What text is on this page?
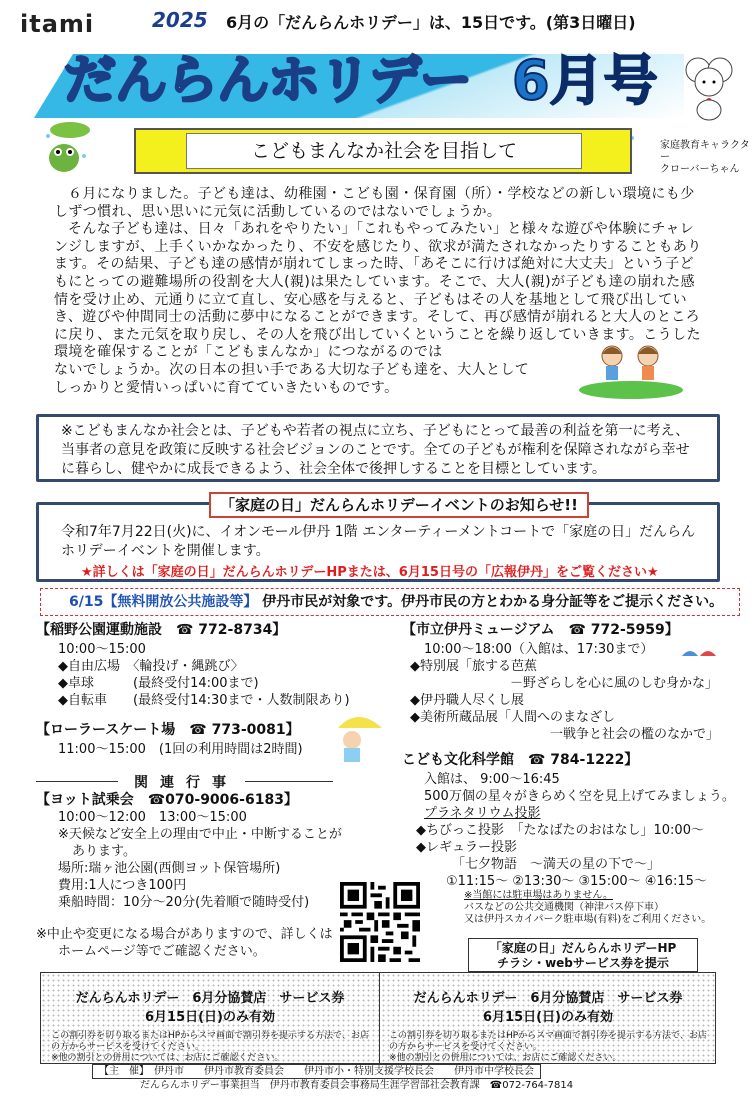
itami	2025 6月の「だんらんホリデー」は、15日です。(第3日曜日)
だんらんホリデー 6月号
家庭教育キャラクター
クローバーちゃん
こどもまんなか社会を目指して

６月になりました。子ども達は、幼稚園・こども園・保育園（所）・学校などの新しい環境にも少しずつ慣れ、思い思いに元気に活動しているのではないでしょうか。

そんな子ども達は、日々「あれをやりたい」「これもやってみたい」と様々な遊びや体験にチャレンジしますが、上手くいかなかったり、不安を感じたり、欲求が満たされなかったりすることもあります。その結果、子ども達の感情が崩れてしまった時、「あそこに行けば絶対に大丈夫」という子どもにとっての避難場所の役割を大人(親)は果たしています。そこで、大人(親)が子ども達の崩れた感情を受け止め、元通りに立て直し、安心感を与えると、子どもはその人を基地として飛び出していき、遊びや仲間同士の活動に夢中になることができます。そして、再び感情が崩れると大人のところに戻り、また元気を取り戻し、その人を飛び出していくということを繰り返していきます。こうした環境を確保することが「こどもまんなか」につながるのでは

ないでしょうか。次の日本の担い手である大切な子ども達を、大人として

しっかりと愛情いっぱいに育てていきたいものです。

※こどもまんなか社会とは、子どもや若者の視点に立ち、子どもにとって最善の利益を第一に考え、当事者の意見を政策に反映する社会ビジョンのことです。全ての子どもが権利を保障されながら幸せに暮らし、健やかに成長できるよう、社会全体で後押しすることを目標としています。
「家庭の日」だんらんホリデーイベントのお知らせ!!
令和7年7月22日(火)に、イオンモール伊丹 1階 エンターティーメントコートで「家庭の日」だんらんホリデーイベントを開催します。
★詳しくは「家庭の日」だんらんホリデーHPまたは、6月15日号の「広報伊丹」をご覧ください★
6/15【無料開放公共施設等】 伊丹市民が対象です。伊丹市民の方とわかる身分証等をご提示ください。
【稲野公園運動施設　☎ 772-8734】
10:00〜15:00
◆自由広場　〈輪投げ・縄跳び〉
◆卓球　　　(最終受付14:00まで)
◆自転車　　(最終受付14:30まで・人数制限あり)
【ローラースケート場　☎ 773-0081】
11:00〜15:00　(1回の利用時間は2時間)
関連行事
【ヨット試乗会　☎070-9006-6183】
10:00〜12:00　13:00〜15:00
※天候など安全上の理由で中止・中断することが
あります。
場所:瑞ヶ池公園(西側ヨット保管場所)
費用:1人につき100円
乗船時間：10分〜20分(先着順で随時受付)
※中止や変更になる場合がありますので、詳しくは
ホームページ等でご確認ください。
【市立伊丹ミュージアム　☎ 772-5959】
10:00〜18:00（入館は、17:30まで）
◆特別展「旅する芭蕉
－野ざらしを心に風のしむ身かな」
◆伊丹職人尽くし展
◆美術所蔵品展「人間へのまなざし
一戦争と社会の檻のなかで」
こども文化科学館　☎ 784-1222】
入館は、 9:00〜16:45
500万個の星々がきらめく空を見上げてみましょう。
プラネタリウム投影
◆ちびっこ投影　「たなばたのおはなし」10:00〜
◆レギュラー投影
「七夕物語　〜満天の星の下で〜」
①11:15〜 ②13:30〜 ③15:00〜 ④16:15〜
※当館には駐車場はありません。
バスなどの公共交通機関（神津バス停下車）
又は伊丹スカイパーク駐車場(有料)をご利用ください。
「家庭の日」だんらんホリデーHP
チラシ・webサービス券を提示
だんらんホリデー　6月分協賛店　サービス券
6月15日(日)のみ有効
この割引券を切り取るまたはHPからスマ画面で割引券を提示する方法で、お店の方からサービスを受けてください。
※他の割引との併用については、お店にご確認ください。
だんらんホリデー　6月分協賛店　サービス券
6月15日(日)のみ有効
この割引券を切り取るまたはHPからスマ画面で割引券を提示する方法で、お店の方からサービスを受けてください。
※他の割引との併用については、お店にご確認ください。
【主　催】　伊丹市　　伊丹市教育委員会　　伊丹市小・特別支援学校長会　　伊丹市中学校長会
だんらんホリデー事業担当　伊丹市教育委員会事務局生涯学習部社会教育課　☎072-764-7814
